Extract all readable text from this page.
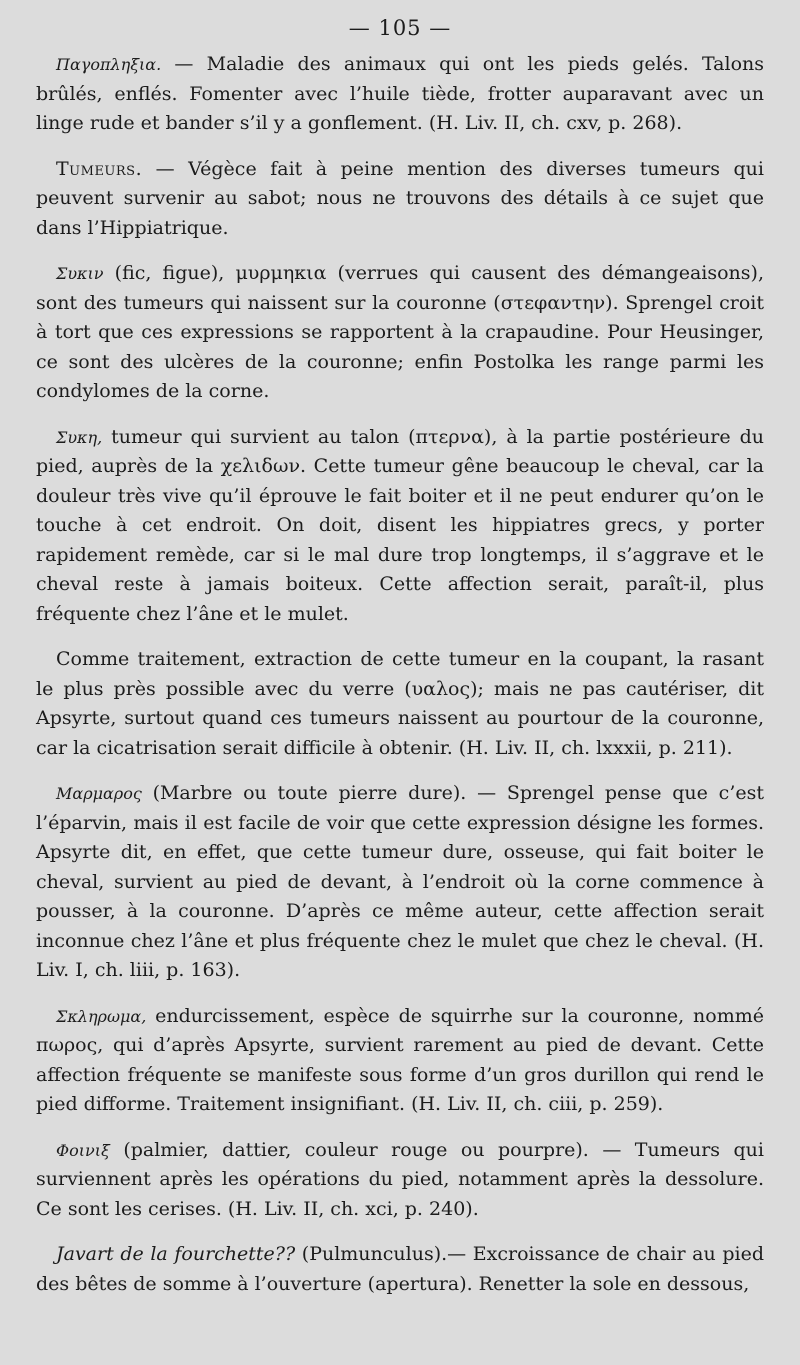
— 105 —

Παγοπληξια. — Maladie des animaux qui ont les pieds gelés. Talons brûlés, enflés. Fomenter avec l’huile tiède, frotter auparavant avec un linge rude et bander s’il y a gonflement. (H. Liv. II, ch. cxv, p. 268).

Tumeurs. — Végèce fait à peine mention des diverses tumeurs qui peuvent survenir au sabot; nous ne trouvons des détails à ce sujet que dans l’Hippiatrique.

Συκιν (fic, figue), μυρμηκια (verrues qui causent des démangeaisons), sont des tumeurs qui naissent sur la couronne (στεφαντην). Sprengel croit à tort que ces expressions se rapportent à la crapaudine. Pour Heusinger, ce sont des ulcères de la couronne; enfin Postolka les range parmi les condylomes de la corne.

Συκη, tumeur qui survient au talon (πτερνα), à la partie postérieure du pied, auprès de la χελιδων. Cette tumeur gêne beaucoup le cheval, car la douleur très vive qu’il éprouve le fait boiter et il ne peut endurer qu’on le touche à cet endroit. On doit, disent les hippiatres grecs, y porter rapidement remède, car si le mal dure trop longtemps, il s’aggrave et le cheval reste à jamais boiteux. Cette affection serait, paraît-il, plus fréquente chez l’âne et le mulet.

Comme traitement, extraction de cette tumeur en la coupant, la rasant le plus près possible avec du verre (υαλος); mais ne pas cautériser, dit Apsyrte, surtout quand ces tumeurs naissent au pourtour de la couronne, car la cicatrisation serait difficile à obtenir. (H. Liv. II, ch. lxxxii, p. 211).

Μαρμαρος (Marbre ou toute pierre dure). — Sprengel pense que c’est l’éparvin, mais il est facile de voir que cette expression désigne les formes. Apsyrte dit, en effet, que cette tumeur dure, osseuse, qui fait boiter le cheval, survient au pied de devant, à l’endroit où la corne commence à pousser, à la couronne. D’après ce même auteur, cette affection serait inconnue chez l’âne et plus fréquente chez le mulet que chez le cheval. (H. Liv. I, ch. liii, p. 163).

Σκληρωμα, endurcissement, espèce de squirrhe sur la couronne, nommé πωρος, qui d’après Apsyrte, survient rarement au pied de devant. Cette affection fréquente se manifeste sous forme d’un gros durillon qui rend le pied difforme. Traitement insignifiant. (H. Liv. II, ch. ciii, p. 259).

Φοινιξ (palmier, dattier, couleur rouge ou pourpre). — Tumeurs qui surviennent après les opérations du pied, notamment après la dessolure. Ce sont les cerises. (H. Liv. II, ch. xci, p. 240).

Javart de la fourchette?? (Pulmunculus).— Excroissance de chair au pied des bêtes de somme à l’ouverture (apertura). Renetter la sole en dessous,
